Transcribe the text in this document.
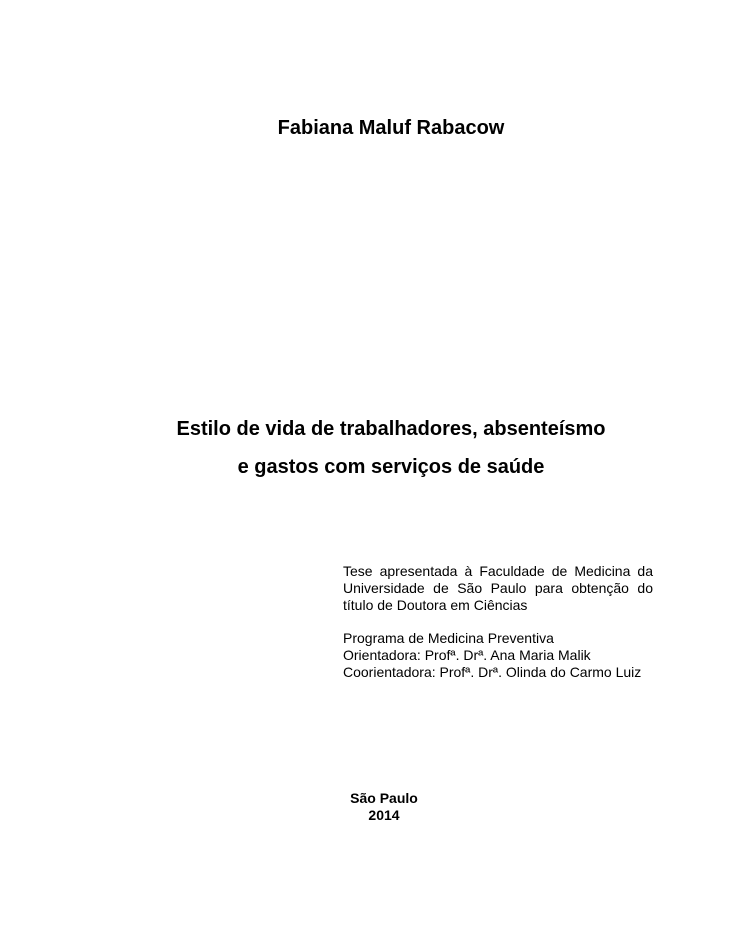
Fabiana Maluf Rabacow
Estilo de vida de trabalhadores, absenteísmo
e gastos com serviços de saúde

Tese apresentada à Faculdade de Medicina da Universidade de São Paulo para obtenção do título de Doutora em Ciências

Programa de Medicina Preventiva
Orientadora: Profª. Drª. Ana Maria Malik
Coorientadora: Profª. Drª. Olinda do Carmo Luiz
São Paulo
2014
